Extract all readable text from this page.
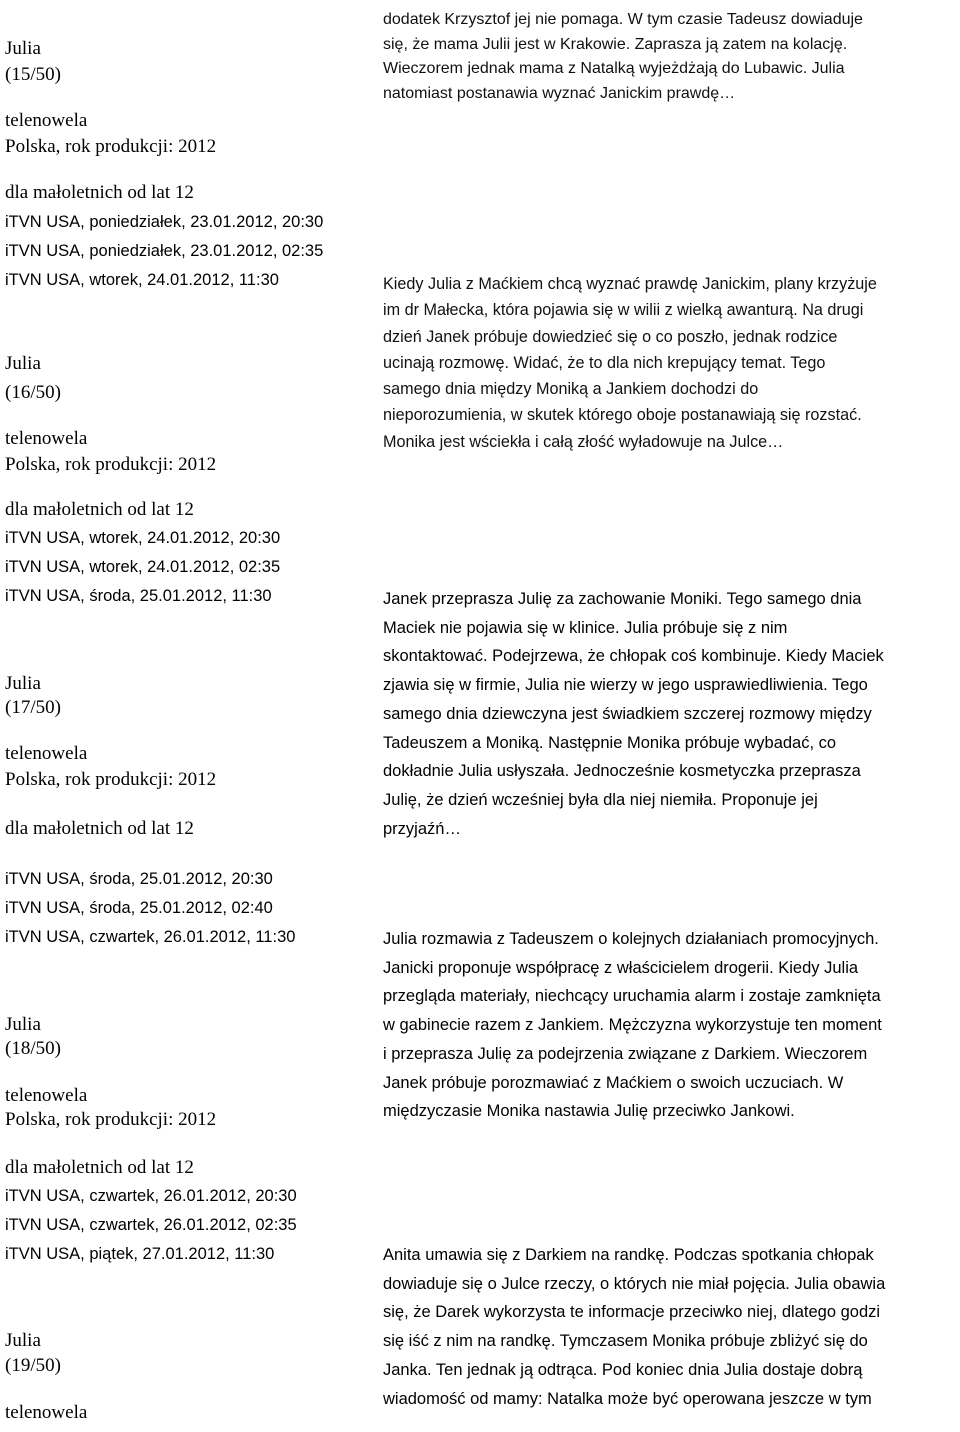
Julia
(15/50)
telenowela
Polska, rok produkcji: 2012
dla małoletnich od lat 12
iTVN USA, poniedziałek, 23.01.2012, 20:30
iTVN USA, poniedziałek, 23.01.2012, 02:35
iTVN USA, wtorek, 24.01.2012, 11:30
dodatek Krzysztof jej nie pomaga. W tym czasie Tadeusz dowiaduje
się, że mama Julii jest w Krakowie. Zaprasza ją zatem na kolację.
Wieczorem jednak mama z Natalką wyjeżdżają do Lubawic. Julia
natomiast postanawia wyznać Janickim prawdę…
Julia
(16/50)
telenowela
Polska, rok produkcji: 2012
dla małoletnich od lat 12
iTVN USA, wtorek, 24.01.2012, 20:30
iTVN USA, wtorek, 24.01.2012, 02:35
iTVN USA, środa, 25.01.2012, 11:30
Kiedy Julia z Maćkiem chcą wyznać prawdę Janickim, plany krzyżuje
im dr Małecka, która pojawia się w wilii z wielką awanturą. Na drugi
dzień Janek próbuje dowiedzieć się o co poszło, jednak rodzice
ucinają rozmowę. Widać, że to dla nich krepujący temat. Tego
samego dnia między Moniką a Jankiem dochodzi do
nieporozumienia, w skutek którego oboje postanawiają się rozstać.
Monika jest wściekła i całą złość wyładowuje na Julce…
Julia
(17/50)
telenowela
Polska, rok produkcji: 2012
dla małoletnich od lat 12
iTVN USA, środa, 25.01.2012, 20:30
iTVN USA, środa, 25.01.2012, 02:40
iTVN USA, czwartek, 26.01.2012, 11:30
Janek przeprasza Julię za zachowanie Moniki. Tego samego dnia
Maciek nie pojawia się w klinice. Julia próbuje się z nim
skontaktować. Podejrzewa, że chłopak coś kombinuje. Kiedy Maciek
zjawia się w firmie, Julia nie wierzy w jego usprawiedliwienia. Tego
samego dnia dziewczyna jest świadkiem szczerej rozmowy między
Tadeuszem a Moniką. Następnie Monika próbuje wybadać, co
dokładnie Julia usłyszała. Jednocześnie kosmetyczka przeprasza
Julię, że dzień wcześniej była dla niej niemiła. Proponuje jej
przyjaźń…
Julia
(18/50)
telenowela
Polska, rok produkcji: 2012
dla małoletnich od lat 12
iTVN USA, czwartek, 26.01.2012, 20:30
iTVN USA, czwartek, 26.01.2012, 02:35
iTVN USA, piątek, 27.01.2012, 11:30
Julia rozmawia z Tadeuszem o kolejnych działaniach promocyjnych.
Janicki proponuje współpracę z właścicielem drogerii. Kiedy Julia
przegląda materiały, niechcący uruchamia alarm i zostaje zamknięta
w gabinecie razem z Jankiem. Mężczyzna wykorzystuje ten moment
i przeprasza Julię za podejrzenia związane z Darkiem. Wieczorem
Janek próbuje porozmawiać z Maćkiem o swoich uczuciach. W
międzyczasie Monika nastawia Julię przeciwko Jankowi.
Julia
(19/50)
telenowela
Anita umawia się z Darkiem na randkę. Podczas spotkania chłopak
dowiaduje się o Julce rzeczy, o których nie miał pojęcia. Julia obawia
się, że Darek wykorzysta te informacje przeciwko niej, dlatego godzi
się iść z nim na randkę. Tymczasem Monika próbuje zbliżyć się do
Janka. Ten jednak ją odtrąca. Pod koniec dnia Julia dostaje dobrą
wiadomość od mamy: Natalka może być operowana jeszcze w tym
